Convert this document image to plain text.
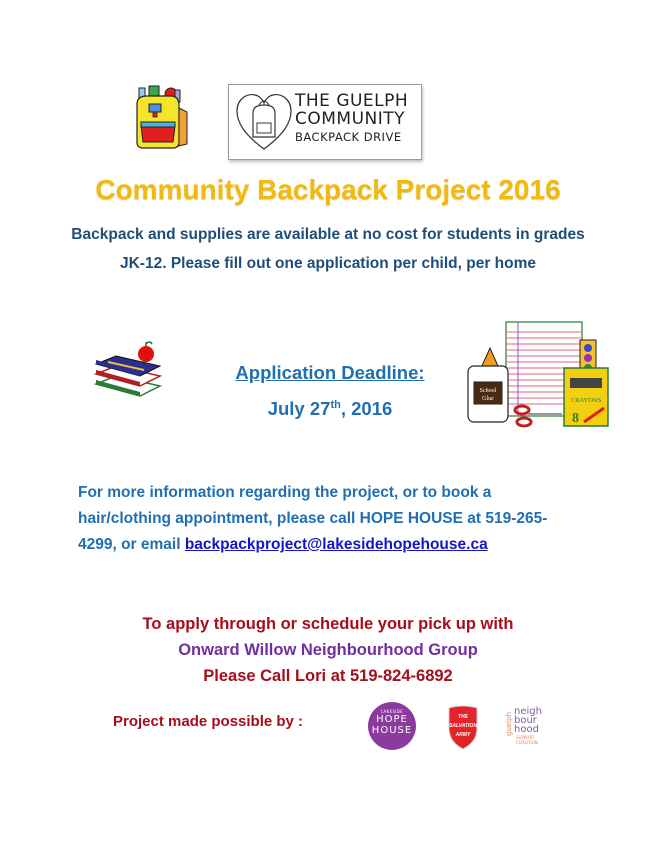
THE GUELPH
COMMUNITY
BACKPACK DRIVE
Community Backpack Project 2016
Backpack and supplies are available at no cost for students in grades JK-12. Please fill out one application per child, per home
Application Deadline:
July 27th, 2016	CRAYONS
8
School
Glue
For more information regarding the project, or to book a hair/clothing appointment, please call HOPE HOUSE at 519-265-4299, or email backpackproject@lakesidehopehouse.ca
To apply through or schedule your pick up with
Onward Willow Neighbourhood Group
Please Call Lori at 519-824-6892
Project made possible by :
LAKESIDE
HOPE
HOUSE
THE
SALVATION
ARMY	guelph
neigh
bour
hood
SUPPORT
COALITION
